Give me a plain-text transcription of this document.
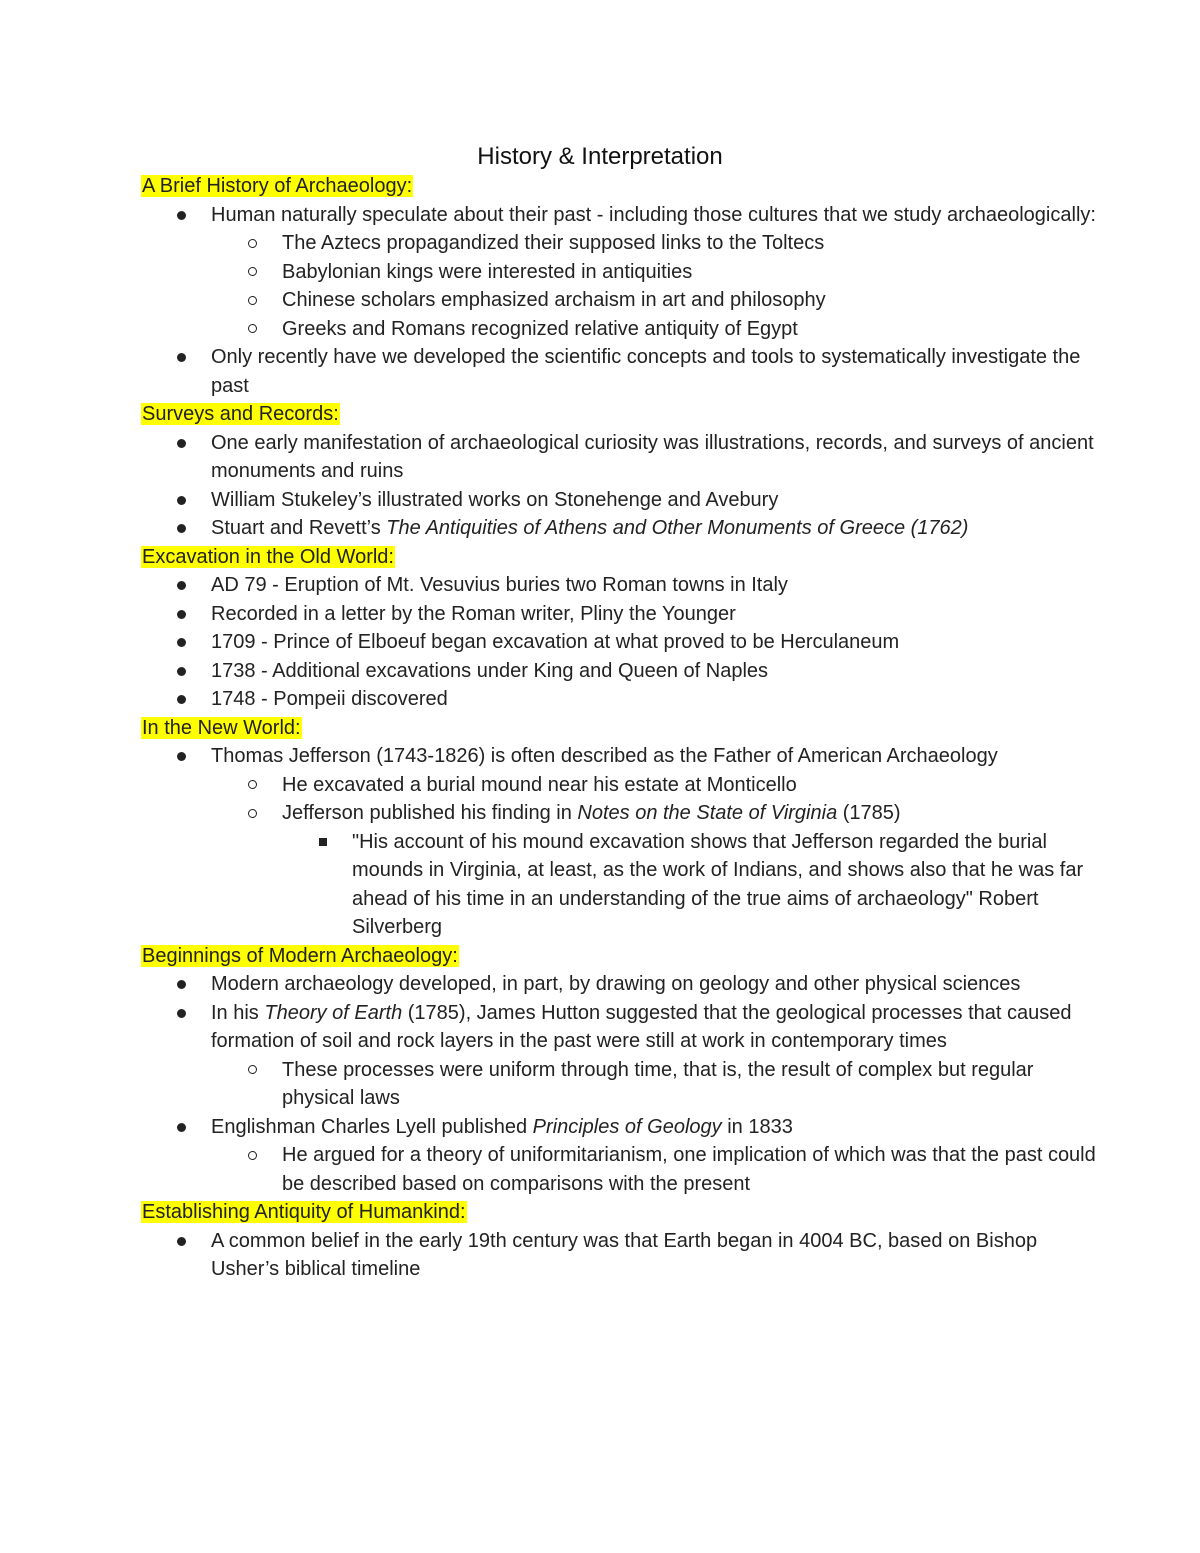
History & Interpretation
A Brief History of Archaeology:
Human naturally speculate about their past - including those cultures that we study archaeologically:
The Aztecs propagandized their supposed links to the Toltecs
Babylonian kings were interested in antiquities
Chinese scholars emphasized archaism in art and philosophy
Greeks and Romans recognized relative antiquity of Egypt
Only recently have we developed the scientific concepts and tools to systematically investigate the past
Surveys and Records:
One early manifestation of archaeological curiosity was illustrations, records, and surveys of ancient monuments and ruins
William Stukeley’s illustrated works on Stonehenge and Avebury
Stuart and Revett’s The Antiquities of Athens and Other Monuments of Greece (1762)
Excavation in the Old World:
AD 79 - Eruption of Mt. Vesuvius buries two Roman towns in Italy
Recorded in a letter by the Roman writer, Pliny the Younger
1709 - Prince of Elboeuf began excavation at what proved to be Herculaneum
1738 - Additional excavations under King and Queen of Naples
1748 - Pompeii discovered
In the New World:
Thomas Jefferson (1743-1826) is often described as the Father of American Archaeology
He excavated a burial mound near his estate at Monticello
Jefferson published his finding in Notes on the State of Virginia (1785)
"His account of his mound excavation shows that Jefferson regarded the burial mounds in Virginia, at least, as the work of Indians, and shows also that he was far ahead of his time in an understanding of the true aims of archaeology" Robert Silverberg
Beginnings of Modern Archaeology:
Modern archaeology developed, in part, by drawing on geology and other physical sciences
In his Theory of Earth (1785), James Hutton suggested that the geological processes that caused formation of soil and rock layers in the past were still at work in contemporary times
These processes were uniform through time, that is, the result of complex but regular physical laws
Englishman Charles Lyell published Principles of Geology in 1833
He argued for a theory of uniformitarianism, one implication of which was that the past could be described based on comparisons with the present
Establishing Antiquity of Humankind:
A common belief in the early 19th century was that Earth began in 4004 BC, based on Bishop Usher’s biblical timeline
